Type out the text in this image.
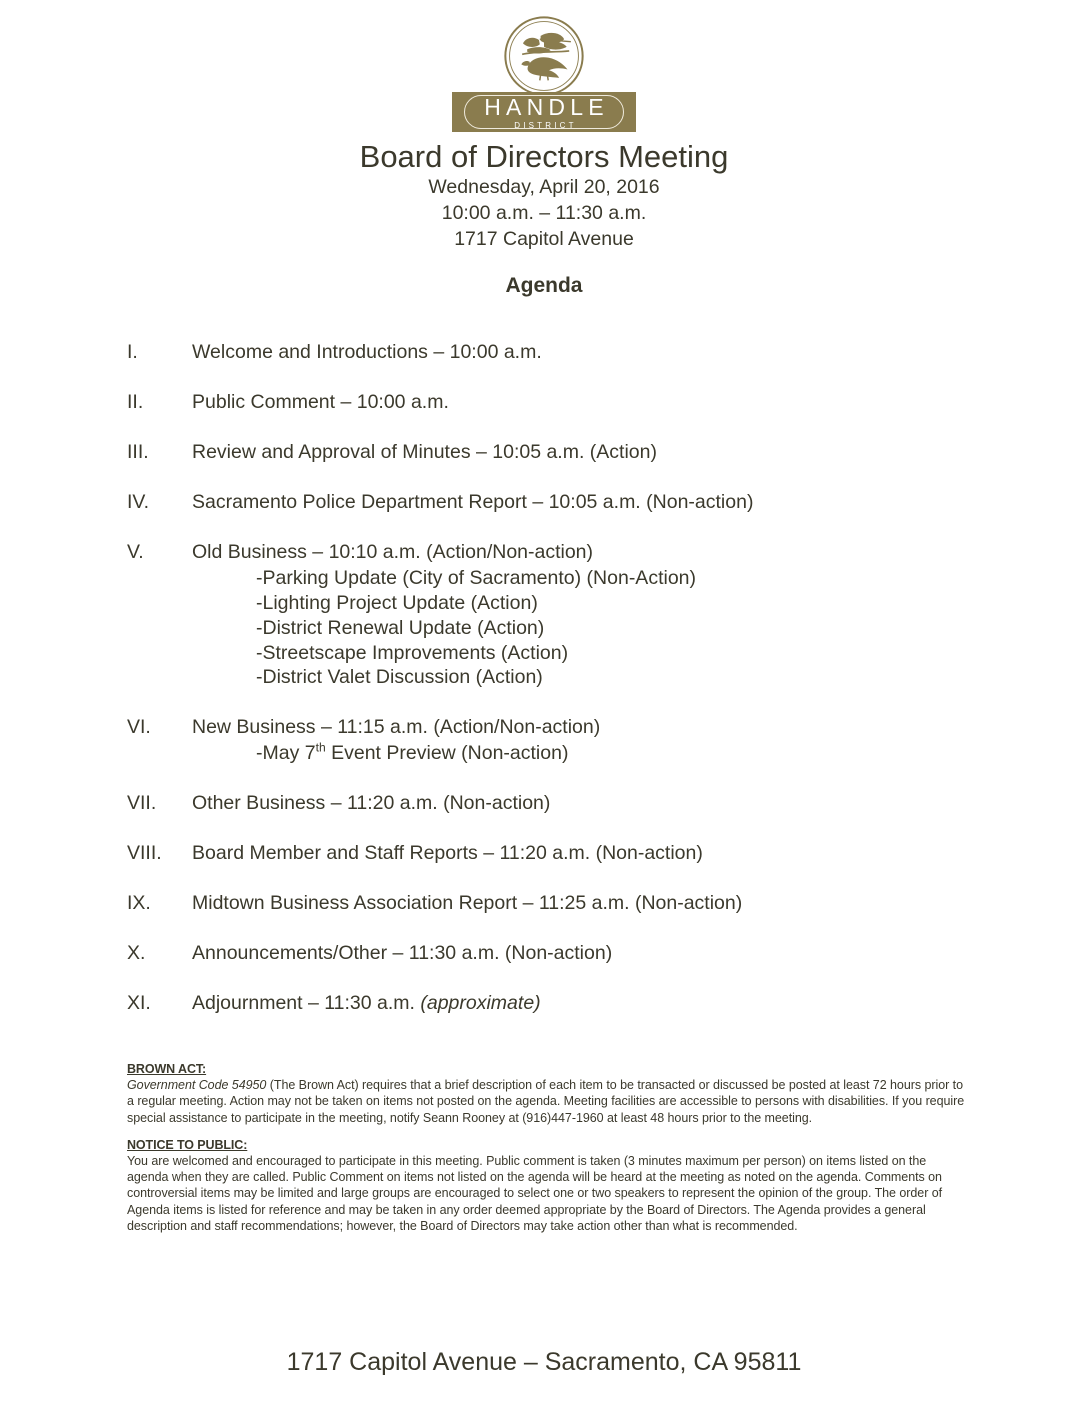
HANDLE
DISTRICT
Board of Directors Meeting
Wednesday, April 20, 2016
10:00 a.m. – 11:30 a.m.
1717 Capitol Avenue
Agenda
I.	Welcome and Introductions – 10:00 a.m.
II.	Public Comment – 10:00 a.m.
III.	Review and Approval of Minutes – 10:05 a.m. (Action)
IV.	Sacramento Police Department Report – 10:05 a.m. (Non-action)
V.	Old Business – 10:10 a.m. (Action/Non-action)
-Parking Update (City of Sacramento) (Non-Action)
-Lighting Project Update (Action)
-District Renewal Update (Action)
-Streetscape Improvements (Action)
-District Valet Discussion (Action)
VI.	New Business – 11:15 a.m. (Action/Non-action)
-May 7th Event Preview (Non-action)
VII.	Other Business – 11:20 a.m. (Non-action)
VIII.	Board Member and Staff Reports – 11:20 a.m. (Non-action)
IX.	Midtown Business Association Report – 11:25 a.m. (Non-action)
X.	Announcements/Other – 11:30 a.m. (Non-action)
XI.	Adjournment – 11:30 a.m. (approximate)
BROWN ACT:
Government Code 54950 (The Brown Act) requires that a brief description of each item to be transacted or discussed be posted at least 72 hours prior to a regular meeting. Action may not be taken on items not posted on the agenda. Meeting facilities are accessible to persons with disabilities. If you require special assistance to participate in the meeting, notify Seann Rooney at (916)447-1960 at least 48 hours prior to the meeting.
NOTICE TO PUBLIC:
You are welcomed and encouraged to participate in this meeting. Public comment is taken (3 minutes maximum per person) on items listed on the agenda when they are called. Public Comment on items not listed on the agenda will be heard at the meeting as noted on the agenda. Comments on controversial items may be limited and large groups are encouraged to select one or two speakers to represent the opinion of the group. The order of Agenda items is listed for reference and may be taken in any order deemed appropriate by the Board of Directors. The Agenda provides a general description and staff recommendations; however, the Board of Directors may take action other than what is recommended.
1717 Capitol Avenue – Sacramento, CA 95811
